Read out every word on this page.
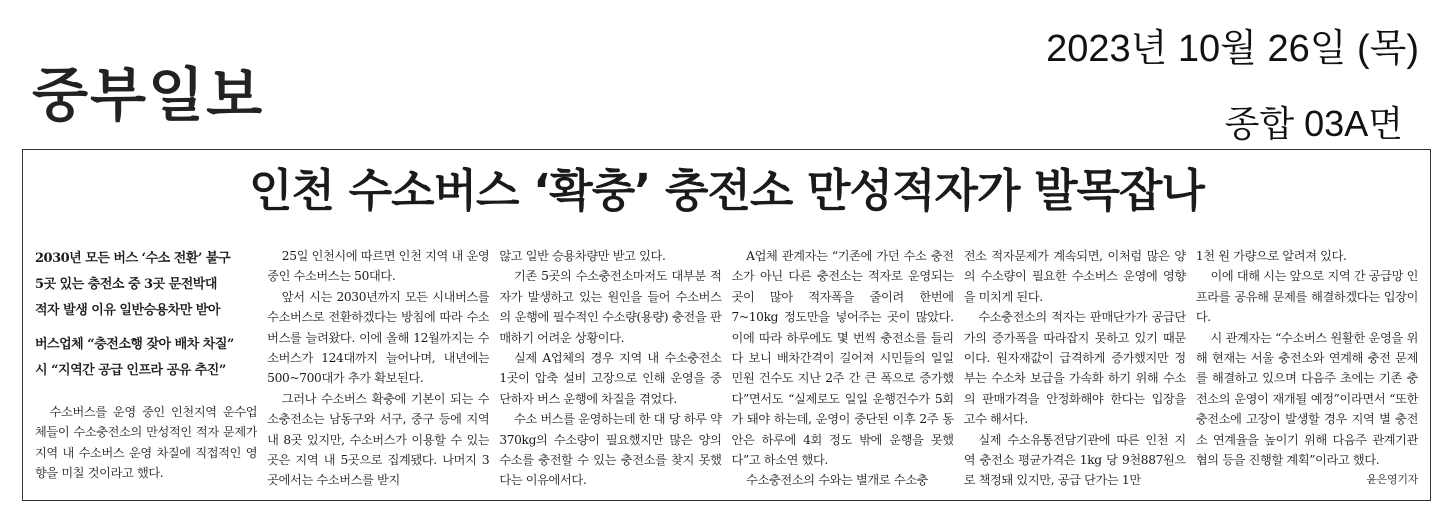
중부일보
2023년 10월 26일 (목)
종합 03A면
인천 수소버스 ‘확충’ 충전소 만성적자가 발목잡나
2030년 모든 버스 ‘수소 전환’ 불구
5곳 있는 충전소 중 3곳 문전박대
적자 발생 이유 일반승용차만 받아
버스업체 “충전소행 잦아 배차 차질”
시 “지역간 공급 인프라 공유 추진”

수소버스를 운영 중인 인천지역 운수업체들이 수소충전소의 만성적인 적자 문제가 지역 내 수소버스 운영 차질에 직접적인 영향을 미칠 것이라고 했다.

25일 인천시에 따르면 인천 지역 내 운영 중인 수소버스는 50대다.

앞서 시는 2030년까지 모든 시내버스를 수소버스로 전환하겠다는 방침에 따라 수소버스를 늘려왔다. 이에 올해 12월까지는 수소버스가 124대까지 늘어나며, 내년에는 500~700대가 추가 확보된다.

그러나 수소버스 확충에 기본이 되는 수소충전소는 남동구와 서구, 중구 등에 지역 내 8곳 있지만, 수소버스가 이용할 수 있는 곳은 지역 내 5곳으로 집계됐다. 나머지 3곳에서는 수소버스를 받지

않고 일반 승용차량만 받고 있다.

기존 5곳의 수소충전소마저도 대부분 적자가 발생하고 있는 원인을 들어 수소버스의 운행에 필수적인 수소량(용량) 충전을 판매하기 어려운 상황이다.

실제 A업체의 경우 지역 내 수소충전소 1곳이 압축 설비 고장으로 인해 운영을 중단하자 버스 운행에 차질을 겪었다.

수소 버스를 운영하는데 한 대 당 하루 약 370kg의 수소량이 필요했지만 많은 양의 수소를 충전할 수 있는 충전소를 찾지 못했다는 이유에서다.

A업체 관계자는 “기존에 가던 수소 충전소가 아닌 다른 충전소는 적자로 운영되는 곳이 많아 적자폭을 줄이려 한번에 7~10kg 정도만을 넣어주는 곳이 많았다. 이에 따라 하루에도 몇 번씩 충전소를 들리다 보니 배차간격이 길어져 시민들의 일일 민원 건수도 지난 2주 간 큰 폭으로 증가했다”면서도 “실제로도 일일 운행건수가 5회가 돼야 하는데, 운영이 중단된 이후 2주 동안은 하루에 4회 정도 밖에 운행을 못했다”고 하소연 했다.

수소충전소의 수와는 별개로 수소충

전소 적자문제가 계속되면, 이처럼 많은 양의 수소량이 필요한 수소버스 운영에 영향을 미치게 된다.

수소충전소의 적자는 판매단가가 공급단가의 증가폭을 따라잡지 못하고 있기 때문이다. 원자재값이 급격하게 증가했지만 정부는 수소차 보급을 가속화 하기 위해 수소의 판매가격을 안정화해야 한다는 입장을 고수 해서다.

실제 수소유통전담기관에 따른 인천 지역 충전소 평균가격은 1kg 당 9천887원으로 책정돼 있지만, 공급 단가는 1만

1천 원 가량으로 알려져 있다.

이에 대해 시는 앞으로 지역 간 공급망 인프라를 공유해 문제를 해결하겠다는 입장이다.

시 관계자는 “수소버스 원활한 운영을 위해 현재는 서울 충전소와 연계해 충전 문제를 해결하고 있으며 다음주 초에는 기존 충전소의 운영이 재개될 예정”이라면서 “또한 충전소에 고장이 발생할 경우 지역 별 충전소 연계율을 높이기 위해 다음주 관계기관 협의 등을 진행할 계획”이라고 했다.
윤은영기자
